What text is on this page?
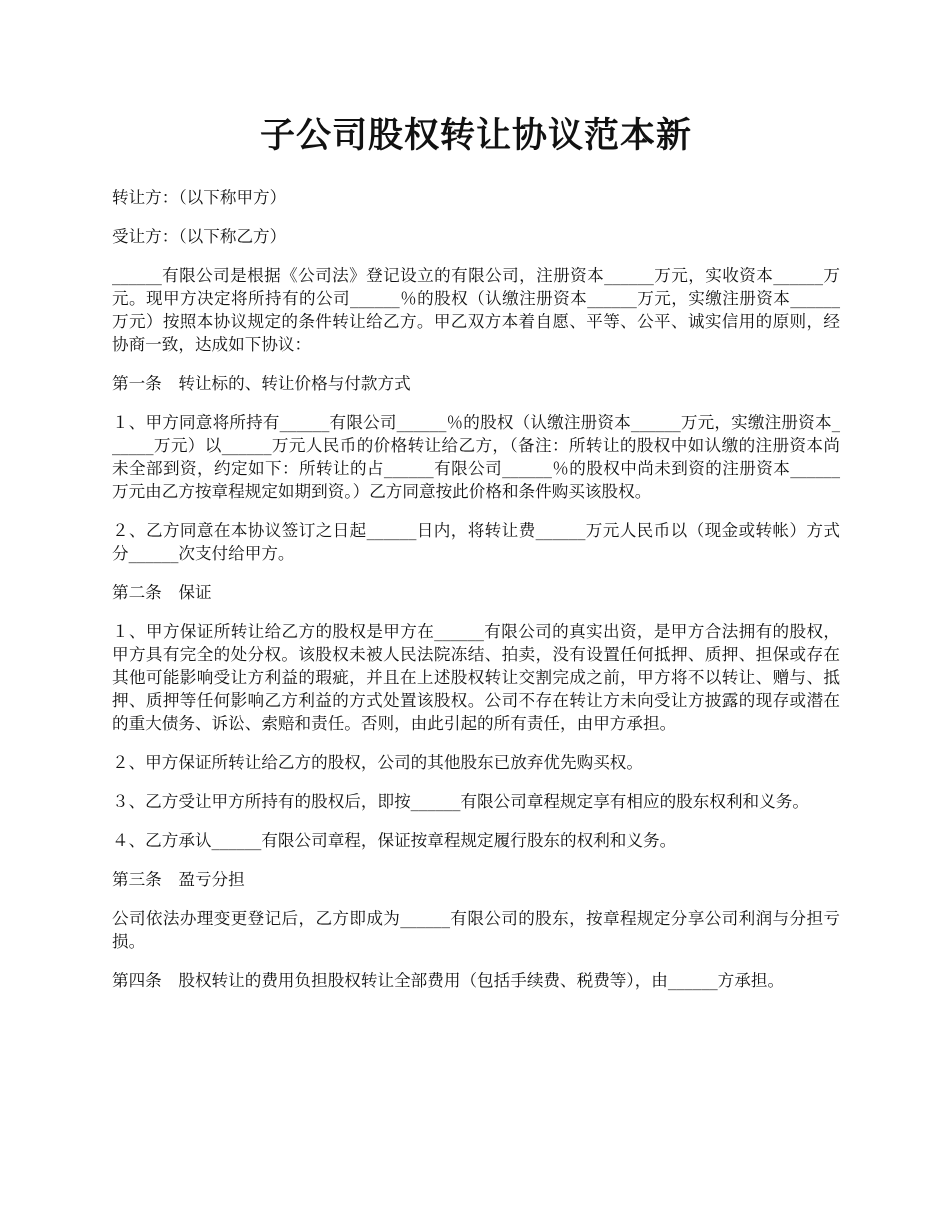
子公司股权转让协议范本新

转让方：（以下称甲方）

受让方：（以下称乙方）

______有限公司是根据《公司法》登记设立的有限公司，注册资本______万元，实收资本______万元。现甲方决定将所持有的公司______％的股权（认缴注册资本______万元，实缴注册资本______万元）按照本协议规定的条件转让给乙方。甲乙双方本着自愿、平等、公平、诚实信用的原则，经协商一致，达成如下协议：

第一条　转让标的、转让价格与付款方式

１、甲方同意将所持有______有限公司______％的股权（认缴注册资本______万元，实缴注册资本______万元）以______万元人民币的价格转让给乙方，（备注：所转让的股权中如认缴的注册资本尚未全部到资，约定如下：所转让的占______有限公司______％的股权中尚未到资的注册资本______万元由乙方按章程规定如期到资。）乙方同意按此价格和条件购买该股权。

２、乙方同意在本协议签订之日起______日内，将转让费______万元人民币以（现金或转帐）方式分______次支付给甲方。

第二条　保证

１、甲方保证所转让给乙方的股权是甲方在______有限公司的真实出资，是甲方合法拥有的股权，甲方具有完全的处分权。该股权未被人民法院冻结、拍卖，没有设置任何抵押、质押、担保或存在其他可能影响受让方利益的瑕疵，并且在上述股权转让交割完成之前，甲方将不以转让、赠与、抵押、质押等任何影响乙方利益的方式处置该股权。公司不存在转让方未向受让方披露的现存或潜在的重大债务、诉讼、索赔和责任。否则，由此引起的所有责任，由甲方承担。

２、甲方保证所转让给乙方的股权，公司的其他股东已放弃优先购买权。

３、乙方受让甲方所持有的股权后，即按______有限公司章程规定享有相应的股东权利和义务。

４、乙方承认______有限公司章程，保证按章程规定履行股东的权利和义务。

第三条　盈亏分担

公司依法办理变更登记后，乙方即成为______有限公司的股东，按章程规定分享公司利润与分担亏损。

第四条　股权转让的费用负担股权转让全部费用（包括手续费、税费等），由______方承担。
